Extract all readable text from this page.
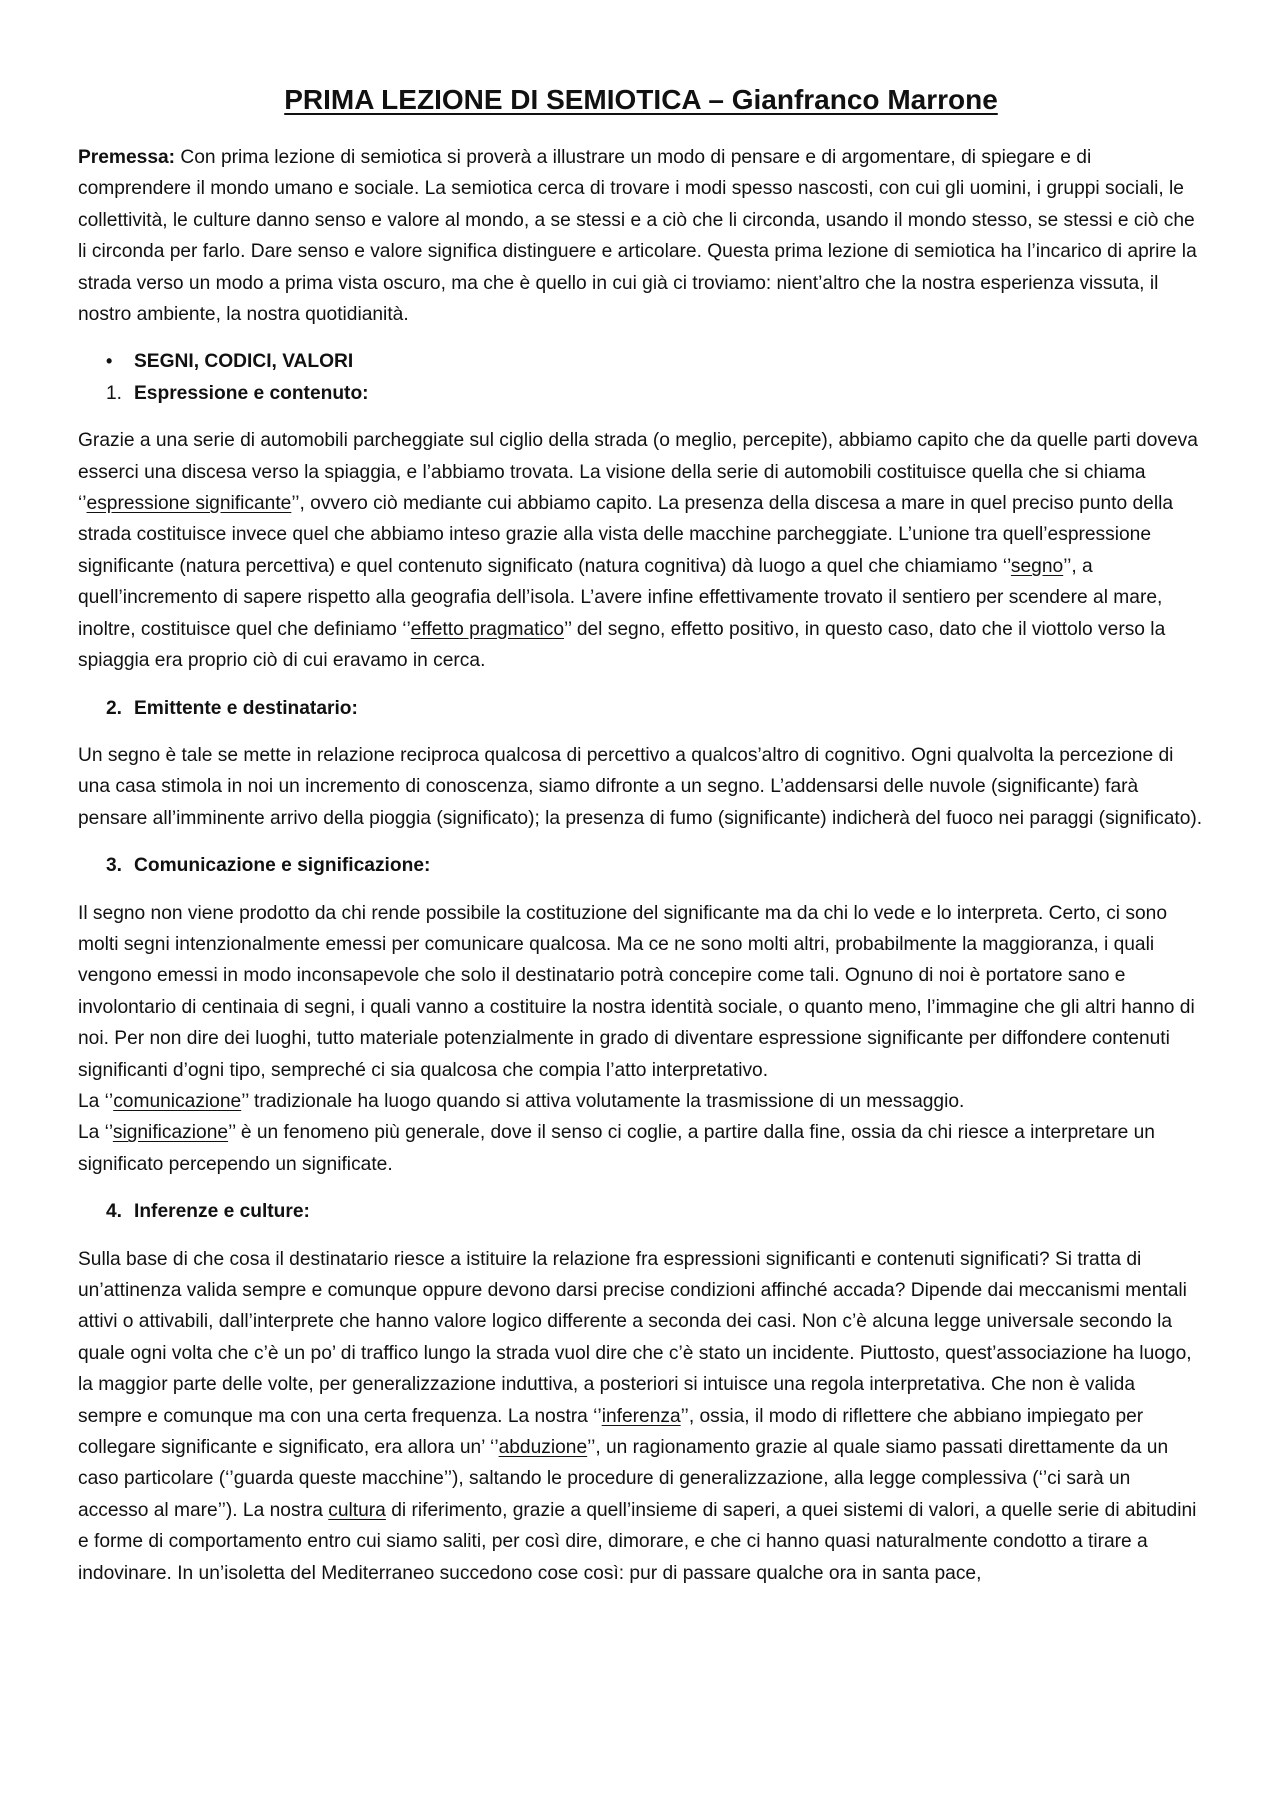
PRIMA LEZIONE DI SEMIOTICA – Gianfranco Marrone

Premessa: Con prima lezione di semiotica si proverà a illustrare un modo di pensare e di argomentare, di spiegare e di comprendere il mondo umano e sociale. La semiotica cerca di trovare i modi spesso nascosti, con cui gli uomini, i gruppi sociali, le collettività, le culture danno senso e valore al mondo, a se stessi e a ciò che li circonda, usando il mondo stesso, se stessi e ciò che li circonda per farlo. Dare senso e valore significa distinguere e articolare. Questa prima lezione di semiotica ha l’incarico di aprire la strada verso un modo a prima vista oscuro, ma che è quello in cui già ci troviamo: nient’altro che la nostra esperienza vissuta, il nostro ambiente, la nostra quotidianità.

•	SEGNI, CODICI, VALORI
1. Espressione e contenuto:

Grazie a una serie di automobili parcheggiate sul ciglio della strada (o meglio, percepite), abbiamo capito che da quelle parti doveva esserci una discesa verso la spiaggia, e l’abbiamo trovata. La visione della serie di automobili costituisce quella che si chiama ‘’espressione significante’’, ovvero ciò mediante cui abbiamo capito. La presenza della discesa a mare in quel preciso punto della strada costituisce invece quel che abbiamo inteso grazie alla vista delle macchine parcheggiate. L’unione tra quell’espressione significante (natura percettiva) e quel contenuto significato (natura cognitiva) dà luogo a quel che chiamiamo ‘’segno’’, a quell’incremento di sapere rispetto alla geografia dell’isola. L’avere infine effettivamente trovato il sentiero per scendere al mare, inoltre, costituisce quel che definiamo ‘’effetto pragmatico’’ del segno, effetto positivo, in questo caso, dato che il viottolo verso la spiaggia era proprio ciò di cui eravamo in cerca.

2. Emittente e destinatario:

Un segno è tale se mette in relazione reciproca qualcosa di percettivo a qualcos’altro di cognitivo. Ogni qualvolta la percezione di una casa stimola in noi un incremento di conoscenza, siamo difronte a un segno. L’addensarsi delle nuvole (significante) farà pensare all’imminente arrivo della pioggia (significato); la presenza di fumo (significante) indicherà del fuoco nei paraggi (significato).

3. Comunicazione e significazione:

Il segno non viene prodotto da chi rende possibile la costituzione del significante ma da chi lo vede e lo interpreta. Certo, ci sono molti segni intenzionalmente emessi per comunicare qualcosa. Ma ce ne sono molti altri, probabilmente la maggioranza, i quali vengono emessi in modo inconsapevole che solo il destinatario potrà concepire come tali. Ognuno di noi è portatore sano e involontario di centinaia di segni, i quali vanno a costituire la nostra identità sociale, o quanto meno, l’immagine che gli altri hanno di noi. Per non dire dei luoghi, tutto materiale potenzialmente in grado di diventare espressione significante per diffondere contenuti significanti d’ogni tipo, sempreché ci sia qualcosa che compia l’atto interpretativo.

La ‘’comunicazione’’ tradizionale ha luogo quando si attiva volutamente la trasmissione di un messaggio.

La ‘’significazione’’ è un fenomeno più generale, dove il senso ci coglie, a partire dalla fine, ossia da chi riesce a interpretare un significato percependo un significate.

4. Inferenze e culture:

Sulla base di che cosa il destinatario riesce a istituire la relazione fra espressioni significanti e contenuti significati? Si tratta di un’attinenza valida sempre e comunque oppure devono darsi precise condizioni affinché accada? Dipende dai meccanismi mentali attivi o attivabili, dall’interprete che hanno valore logico differente a seconda dei casi. Non c’è alcuna legge universale secondo la quale ogni volta che c’è un po’ di traffico lungo la strada vuol dire che c’è stato un incidente. Piuttosto, quest’associazione ha luogo, la maggior parte delle volte, per generalizzazione induttiva, a posteriori si intuisce una regola interpretativa. Che non è valida sempre e comunque ma con una certa frequenza. La nostra ‘’inferenza’’, ossia, il modo di riflettere che abbiano impiegato per collegare significante e significato, era allora un’ ‘’abduzione’’, un ragionamento grazie al quale siamo passati direttamente da un caso particolare (‘’guarda queste macchine’’), saltando le procedure di generalizzazione, alla legge complessiva (‘’ci sarà un accesso al mare’’). La nostra cultura di riferimento, grazie a quell’insieme di saperi, a quei sistemi di valori, a quelle serie di abitudini e forme di comportamento entro cui siamo saliti, per così dire, dimorare, e che ci hanno quasi naturalmente condotto a tirare a indovinare. In un’isoletta del Mediterraneo succedono cose così: pur di passare qualche ora in santa pace,
